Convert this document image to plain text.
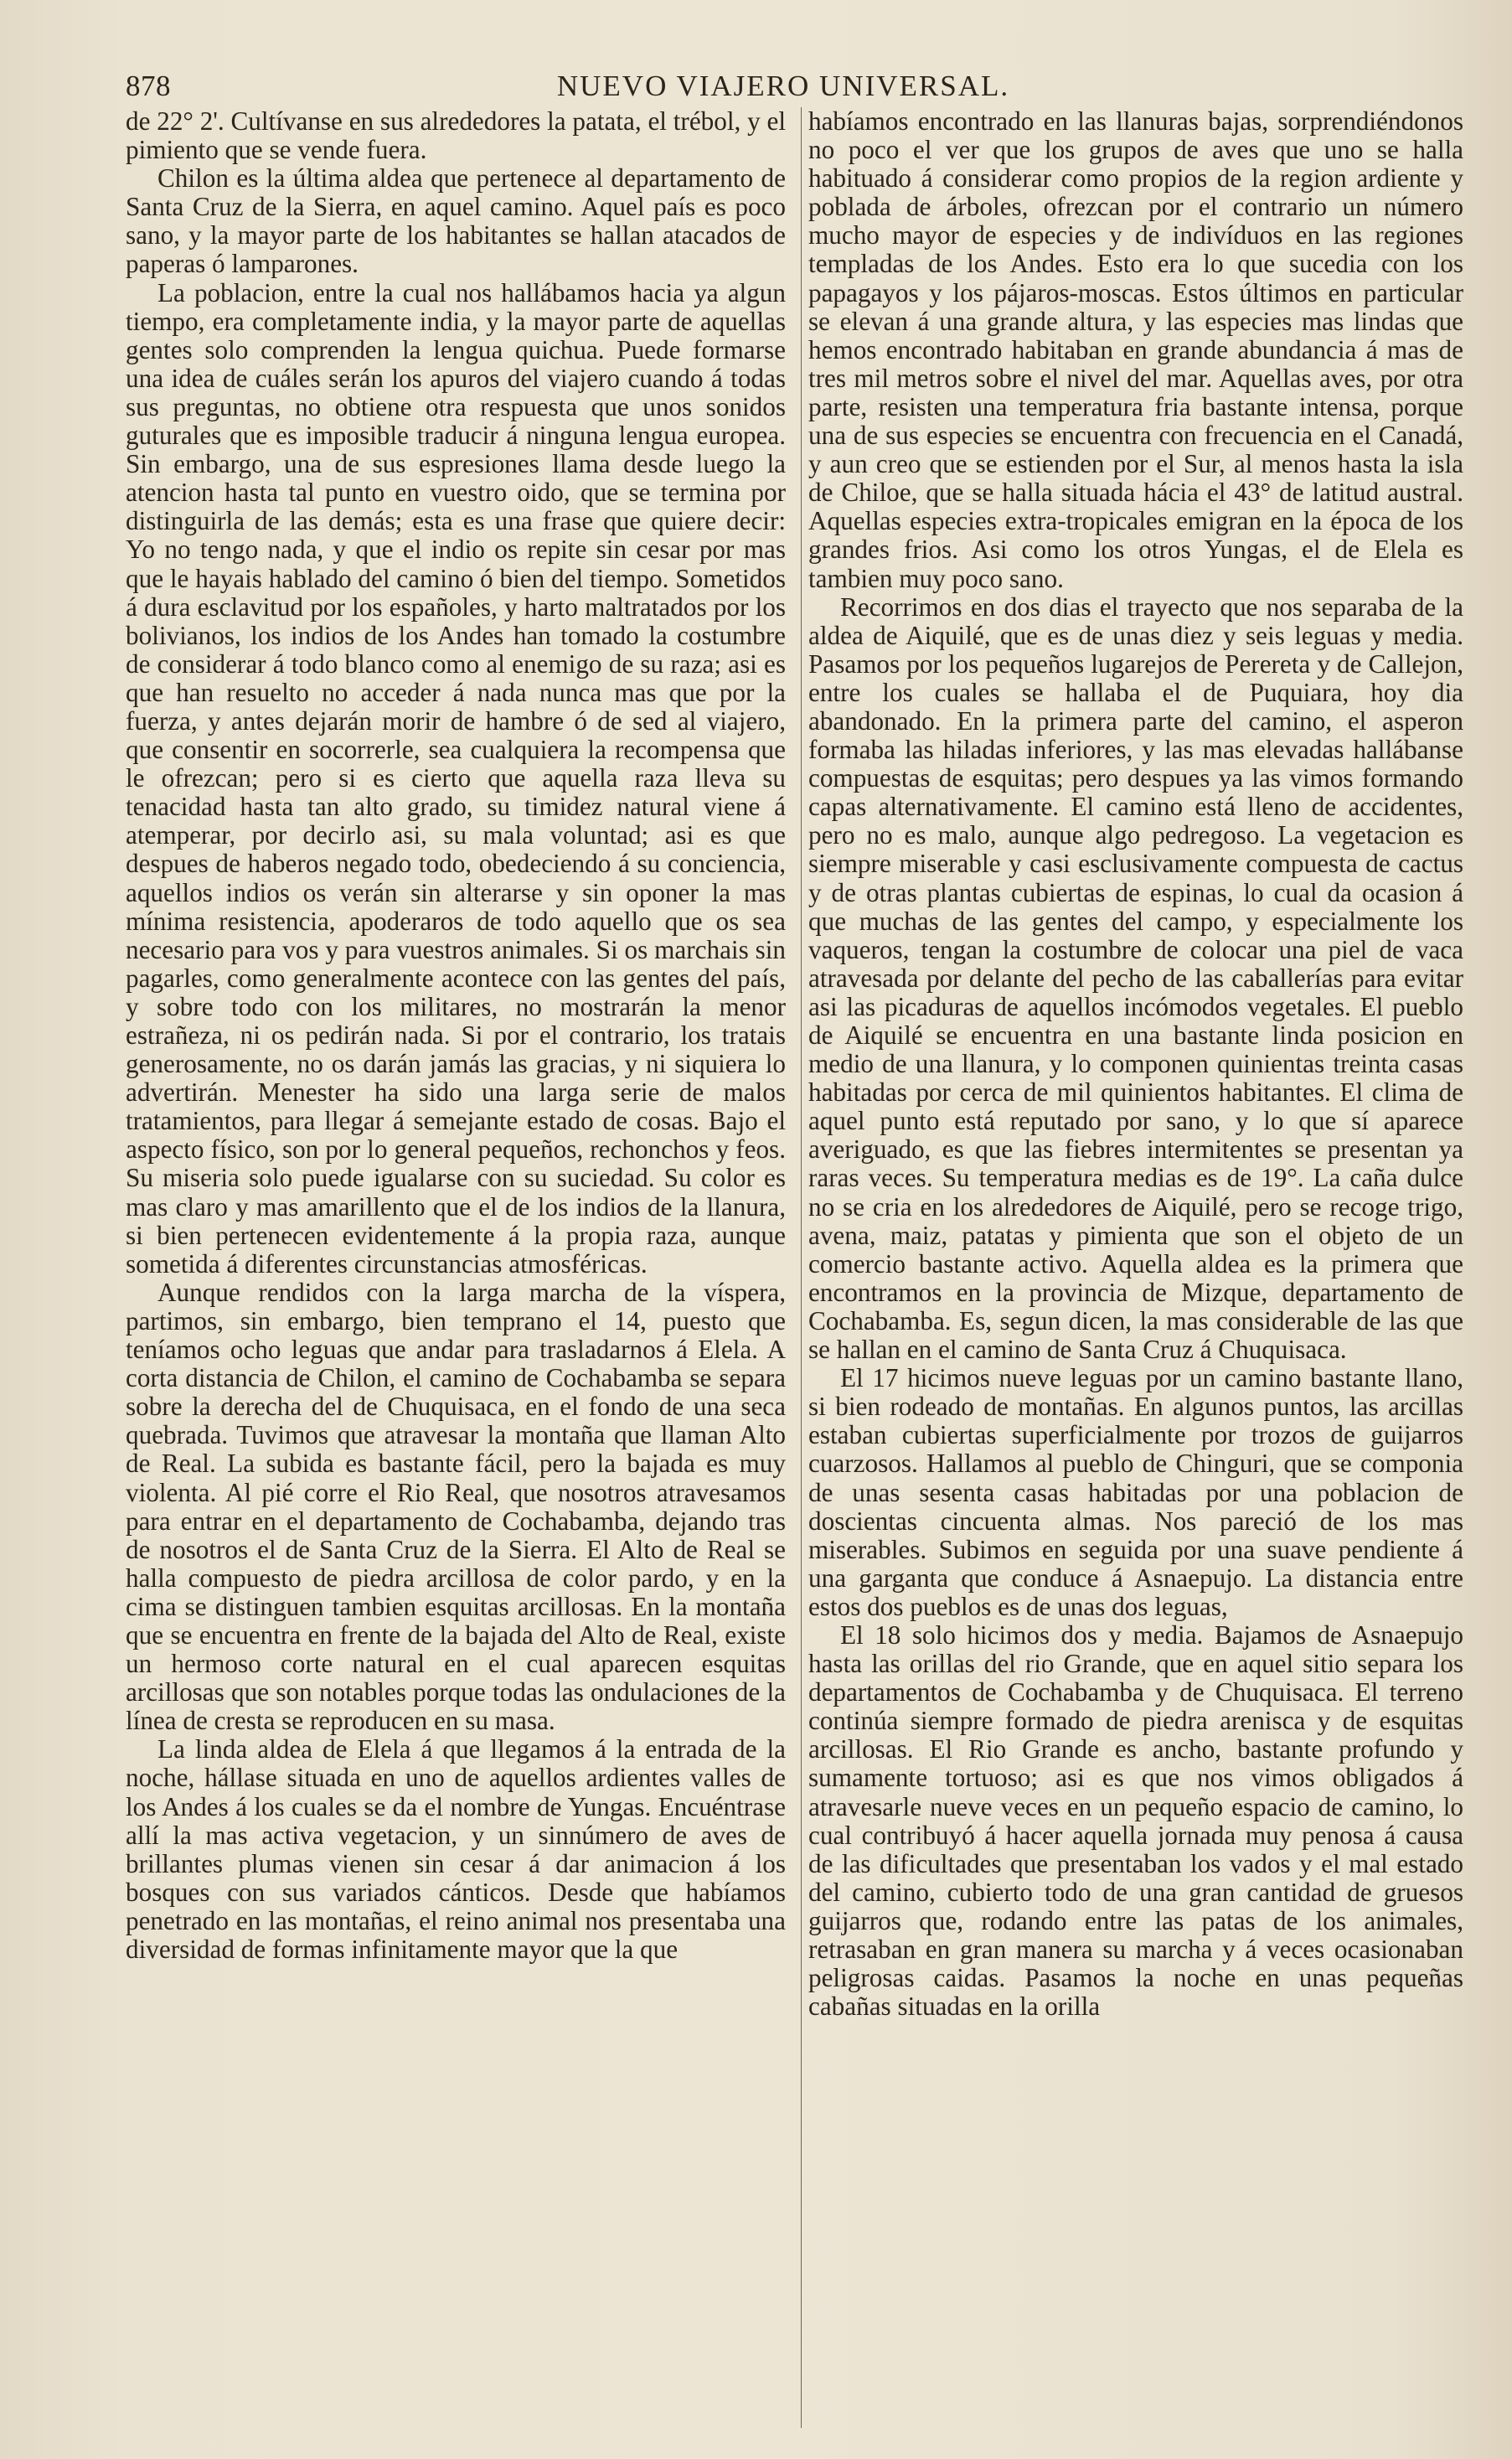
878	NUEVO VIAJERO UNIVERSAL.

de 22° 2'. Cultívanse en sus alrededores la patata, el trébol, y el pimiento que se vende fuera.

Chilon es la última aldea que pertenece al departamento de Santa Cruz de la Sierra, en aquel camino. Aquel país es poco sano, y la mayor parte de los habitantes se hallan atacados de paperas ó lamparones.

La poblacion, entre la cual nos hallábamos hacia ya algun tiempo, era completamente india, y la mayor parte de aquellas gentes solo comprenden la lengua quichua. Puede formarse una idea de cuáles serán los apuros del viajero cuando á todas sus preguntas, no obtiene otra respuesta que unos sonidos guturales que es imposible traducir á ninguna lengua europea. Sin embargo, una de sus espresiones llama desde luego la atencion hasta tal punto en vuestro oido, que se termina por distinguirla de las demás; esta es una frase que quiere decir: Yo no tengo nada, y que el indio os repite sin cesar por mas que le hayais hablado del camino ó bien del tiempo. Sometidos á dura esclavitud por los españoles, y harto maltratados por los bolivianos, los indios de los Andes han tomado la costumbre de considerar á todo blanco como al enemigo de su raza; asi es que han resuelto no acceder á nada nunca mas que por la fuerza, y antes dejarán morir de hambre ó de sed al viajero, que consentir en socorrerle, sea cualquiera la recompensa que le ofrezcan; pero si es cierto que aquella raza lleva su tenacidad hasta tan alto grado, su timidez natural viene á atemperar, por decirlo asi, su mala voluntad; asi es que despues de haberos negado todo, obedeciendo á su conciencia, aquellos indios os verán sin alterarse y sin oponer la mas mínima resistencia, apoderaros de todo aquello que os sea necesario para vos y para vuestros animales. Si os marchais sin pagarles, como generalmente acontece con las gentes del país, y sobre todo con los militares, no mostrarán la menor estrañeza, ni os pedirán nada. Si por el contrario, los tratais generosamente, no os darán jamás las gracias, y ni siquiera lo advertirán. Menester ha sido una larga serie de malos tratamientos, para llegar á semejante estado de cosas. Bajo el aspecto físico, son por lo general pequeños, rechonchos y feos. Su miseria solo puede igualarse con su suciedad. Su color es mas claro y mas amarillento que el de los indios de la llanura, si bien pertenecen evidentemente á la propia raza, aunque sometida á diferentes circunstancias atmosféricas.

Aunque rendidos con la larga marcha de la víspera, partimos, sin embargo, bien temprano el 14, puesto que teníamos ocho leguas que andar para trasladarnos á Elela. A corta distancia de Chilon, el camino de Cochabamba se separa sobre la derecha del de Chuquisaca, en el fondo de una seca quebrada. Tuvimos que atravesar la montaña que llaman Alto de Real. La subida es bastante fácil, pero la bajada es muy violenta. Al pié corre el Rio Real, que nosotros atravesamos para entrar en el departamento de Cochabamba, dejando tras de nosotros el de Santa Cruz de la Sierra. El Alto de Real se halla compuesto de piedra arcillosa de color pardo, y en la cima se distinguen tambien esquitas arcillosas. En la montaña que se encuentra en frente de la bajada del Alto de Real, existe un hermoso corte natural en el cual aparecen esquitas arcillosas que son notables porque todas las ondulaciones de la línea de cresta se reproducen en su masa.

La linda aldea de Elela á que llegamos á la entrada de la noche, hállase situada en uno de aquellos ardientes valles de los Andes á los cuales se da el nombre de Yungas. Encuéntrase allí la mas activa vegetacion, y un sinnúmero de aves de brillantes plumas vienen sin cesar á dar animacion á los bosques con sus variados cánticos. Desde que habíamos penetrado en las montañas, el reino animal nos presentaba una diversidad de formas infinitamente mayor que la que

habíamos encontrado en las llanuras bajas, sorprendiéndonos no poco el ver que los grupos de aves que uno se halla habituado á considerar como propios de la region ardiente y poblada de árboles, ofrezcan por el contrario un número mucho mayor de especies y de indivíduos en las regiones templadas de los Andes. Esto era lo que sucedia con los papagayos y los pájaros-moscas. Estos últimos en particular se elevan á una grande altura, y las especies mas lindas que hemos encontrado habitaban en grande abundancia á mas de tres mil metros sobre el nivel del mar. Aquellas aves, por otra parte, resisten una temperatura fria bastante intensa, porque una de sus especies se encuentra con frecuencia en el Canadá, y aun creo que se estienden por el Sur, al menos hasta la isla de Chiloe, que se halla situada hácia el 43° de latitud austral. Aquellas especies extra-tropicales emigran en la época de los grandes frios. Asi como los otros Yungas, el de Elela es tambien muy poco sano.

Recorrimos en dos dias el trayecto que nos separaba de la aldea de Aiquilé, que es de unas diez y seis leguas y media. Pasamos por los pequeños lugarejos de Perereta y de Callejon, entre los cuales se hallaba el de Puquiara, hoy dia abandonado. En la primera parte del camino, el asperon formaba las hiladas inferiores, y las mas elevadas hallábanse compuestas de esquitas; pero despues ya las vimos formando capas alternativamente. El camino está lleno de accidentes, pero no es malo, aunque algo pedregoso. La vegetacion es siempre miserable y casi esclusivamente compuesta de cactus y de otras plantas cubiertas de espinas, lo cual da ocasion á que muchas de las gentes del campo, y especialmente los vaqueros, tengan la costumbre de colocar una piel de vaca atravesada por delante del pecho de las caballerías para evitar asi las picaduras de aquellos incómodos vegetales. El pueblo de Aiquilé se encuentra en una bastante linda posicion en medio de una llanura, y lo componen quinientas treinta casas habitadas por cerca de mil quinientos habitantes. El clima de aquel punto está reputado por sano, y lo que sí aparece averiguado, es que las fiebres intermitentes se presentan ya raras veces. Su temperatura medias es de 19°. La caña dulce no se cria en los alrededores de Aiquilé, pero se recoge trigo, avena, maiz, patatas y pimienta que son el objeto de un comercio bastante activo. Aquella aldea es la primera que encontramos en la provincia de Mizque, departamento de Cochabamba. Es, segun dicen, la mas considerable de las que se hallan en el camino de Santa Cruz á Chuquisaca.

El 17 hicimos nueve leguas por un camino bastante llano, si bien rodeado de montañas. En algunos puntos, las arcillas estaban cubiertas superficialmente por trozos de guijarros cuarzosos. Hallamos al pueblo de Chinguri, que se componia de unas sesenta casas habitadas por una poblacion de doscientas cincuenta almas. Nos pareció de los mas miserables. Subimos en seguida por una suave pendiente á una garganta que conduce á Asnaepujo. La distancia entre estos dos pueblos es de unas dos leguas,

El 18 solo hicimos dos y media. Bajamos de Asnaepujo hasta las orillas del rio Grande, que en aquel sitio separa los departamentos de Cochabamba y de Chuquisaca. El terreno continúa siempre formado de piedra arenisca y de esquitas arcillosas. El Rio Grande es ancho, bastante profundo y sumamente tortuoso; asi es que nos vimos obligados á atravesarle nueve veces en un pequeño espacio de camino, lo cual contribuyó á hacer aquella jornada muy penosa á causa de las dificultades que presentaban los vados y el mal estado del camino, cubierto todo de una gran cantidad de gruesos guijarros que, rodando entre las patas de los animales, retrasaban en gran manera su marcha y á veces ocasionaban peligrosas caidas. Pasamos la noche en unas pequeñas cabañas situadas en la orilla
